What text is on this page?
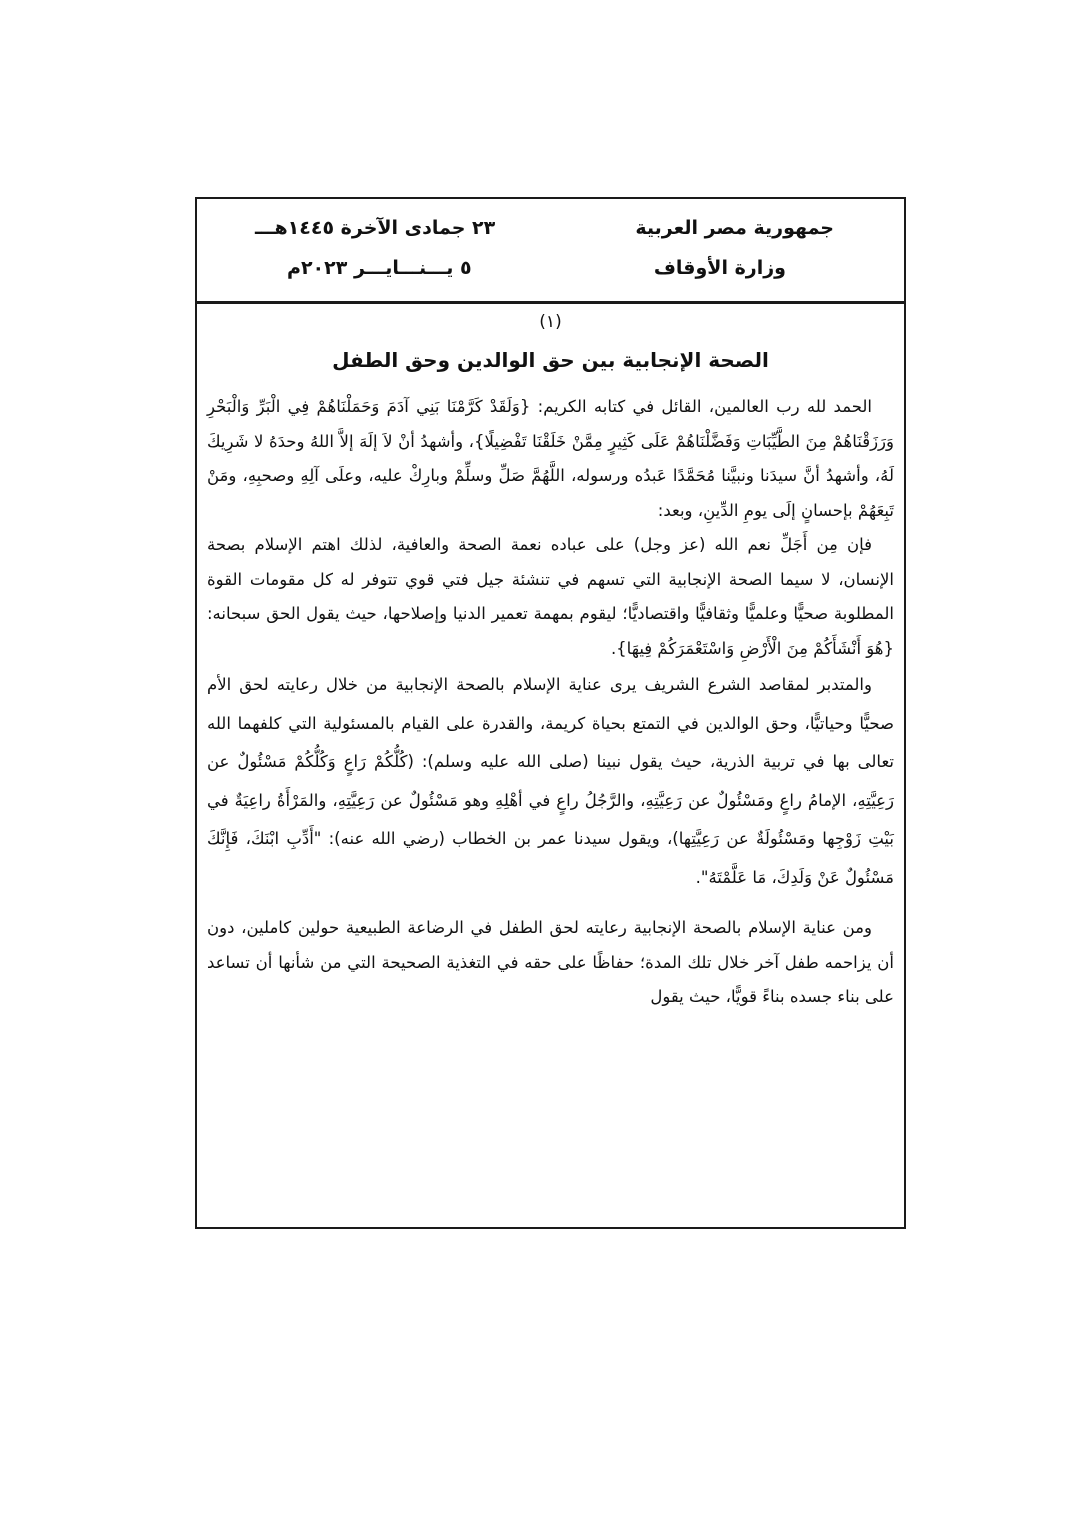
جمهورية مصر العربية
وزارة الأوقاف
٢٣ جمادى الآخرة ١٤٤٥هـــ
٥ يـــنـــايـــر ٢٠٢٣م
(١)
الصحة الإنجابية بين حق الوالدين وحق الطفل

الحمد لله رب العالمين، القائل في كتابه الكريم: {وَلَقَدْ كَرَّمْنَا بَنِي آدَمَ وَحَمَلْنَاهُمْ فِي الْبَرِّ وَالْبَحْرِ وَرَزَقْنَاهُمْ مِنَ الطَّيِّبَاتِ وَفَضَّلْنَاهُمْ عَلَى كَثِيرٍ مِمَّنْ خَلَقْنَا تَفْضِيلًا}، وأشهدُ أنْ لاَ إلَهَ إلاَّ اللهُ وحدَهُ لا شَرِيكَ لَهُ، وأشهدُ أنَّ سيدَنا ونبيَّنا مُحَمَّدًا عَبدُه ورسوله، اللَّهُمَّ صَلِّ وسلِّمْ وبارِكْ عليه، وعلَى آلِهِ وصحبِهِ، ومَنْ تَبِعَهُمْ بإحسانٍ إلَى يومِ الدِّينِ، وبعد:

فإن مِن أَجَلِّ نعم الله (عز وجل) على عباده نعمة الصحة والعافية، لذلك اهتم الإسلام بصحة الإنسان، لا سيما الصحة الإنجابية التي تسهم في تنشئة جيل فتي قوي تتوفر له كل مقومات القوة المطلوبة صحيًّا وعلميًّا وثقافيًّا واقتصاديًّا؛ ليقوم بمهمة تعمير الدنيا وإصلاحها، حيث يقول الحق سبحانه: {هُوَ أَنْشَأَكُمْ مِنَ الْأَرْضِ وَاسْتَعْمَرَكُمْ فِيهَا}.

والمتدبر لمقاصد الشرع الشريف يرى عناية الإسلام بالصحة الإنجابية من خلال رعايته لحق الأم صحيًّا وحياتيًّا، وحق الوالدين في التمتع بحياة كريمة، والقدرة على القيام بالمسئولية التي كلفهما الله تعالى بها في تربية الذرية، حيث يقول نبينا (صلى الله عليه وسلم): (كُلُّكُمْ رَاعٍ وَكُلُّكُمْ مَسْئُولٌ عن رَعِيَّتِهِ، الإمامُ راعٍ ومَسْئُولٌ عن رَعِيَّتِهِ، والرَّجُلُ راعٍ في أهْلِهِ وهو مَسْئُولٌ عن رَعِيَّتِهِ، والمَرْأَةُ راعِيَةٌ في بَيْتِ زَوْجِها ومَسْئُولَةٌ عن رَعِيَّتِها)، ويقول سيدنا عمر بن الخطاب (رضي الله عنه): "أَدِّبِ ابْنَكَ، فَإِنَّكَ مَسْئُولٌ عَنْ وَلَدِكَ، مَا عَلَّمْتَهُ".

ومن عناية الإسلام بالصحة الإنجابية رعايته لحق الطفل في الرضاعة الطبيعية حولين كاملين، دون أن يزاحمه طفل آخر خلال تلك المدة؛ حفاظًا على حقه في التغذية الصحيحة التي من شأنها أن تساعد على بناء جسده بناءً قويًّا، حيث يقول
